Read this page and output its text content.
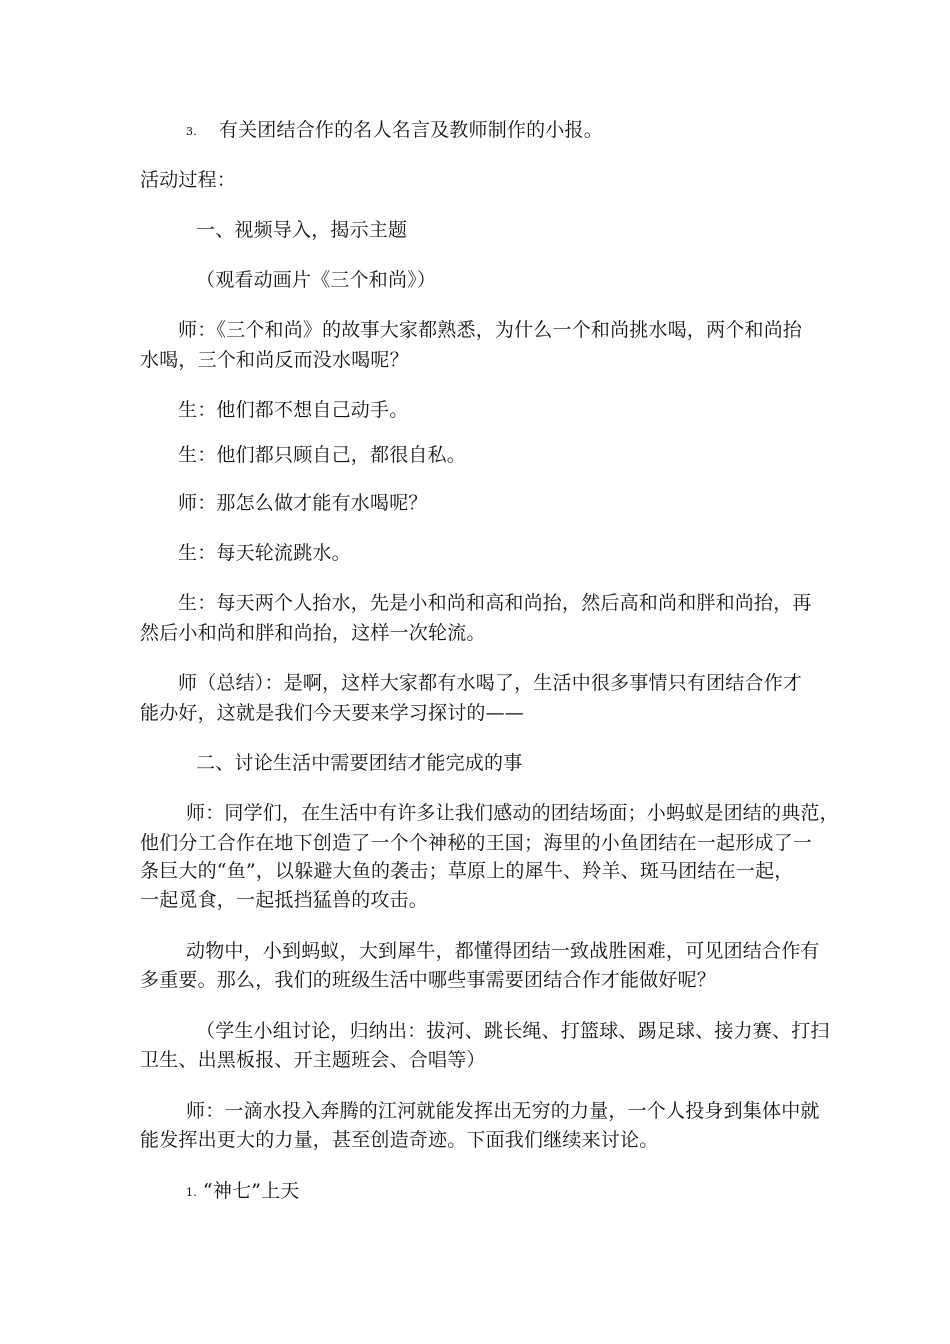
3. 有关团结合作的名人名言及教师制作的小报。
活动过程：
一、视频导入，揭示主题
（观看动画片《三个和尚》）
师：《三个和尚》的故事大家都熟悉，为什么一个和尚挑水喝，两个和尚抬
水喝，三个和尚反而没水喝呢？
生：他们都不想自己动手。
生：他们都只顾自己，都很自私。
师：那怎么做才能有水喝呢？
生：每天轮流跳水。
生：每天两个人抬水，先是小和尚和高和尚抬，然后高和尚和胖和尚抬，再
然后小和尚和胖和尚抬，这样一次轮流。
师（总结）：是啊，这样大家都有水喝了，生活中很多事情只有团结合作才
能办好，这就是我们今天要来学习探讨的——
二、讨论生活中需要团结才能完成的事
师：同学们，在生活中有许多让我们感动的团结场面；小蚂蚁是团结的典范，
他们分工合作在地下创造了一个个神秘的王国；海里的小鱼团结在一起形成了一
条巨大的“鱼”，以躲避大鱼的袭击；草原上的犀牛、羚羊、斑马团结在一起，
一起觅食，一起抵挡猛兽的攻击。
动物中，小到蚂蚁，大到犀牛，都懂得团结一致战胜困难，可见团结合作有
多重要。那么，我们的班级生活中哪些事需要团结合作才能做好呢？
（学生小组讨论，归纳出：拔河、跳长绳、打篮球、踢足球、接力赛、打扫
卫生、出黑板报、开主题班会、合唱等）
师：一滴水投入奔腾的江河就能发挥出无穷的力量，一个人投身到集体中就
能发挥出更大的力量，甚至创造奇迹。下面我们继续来讨论。
1. “神七”上天
